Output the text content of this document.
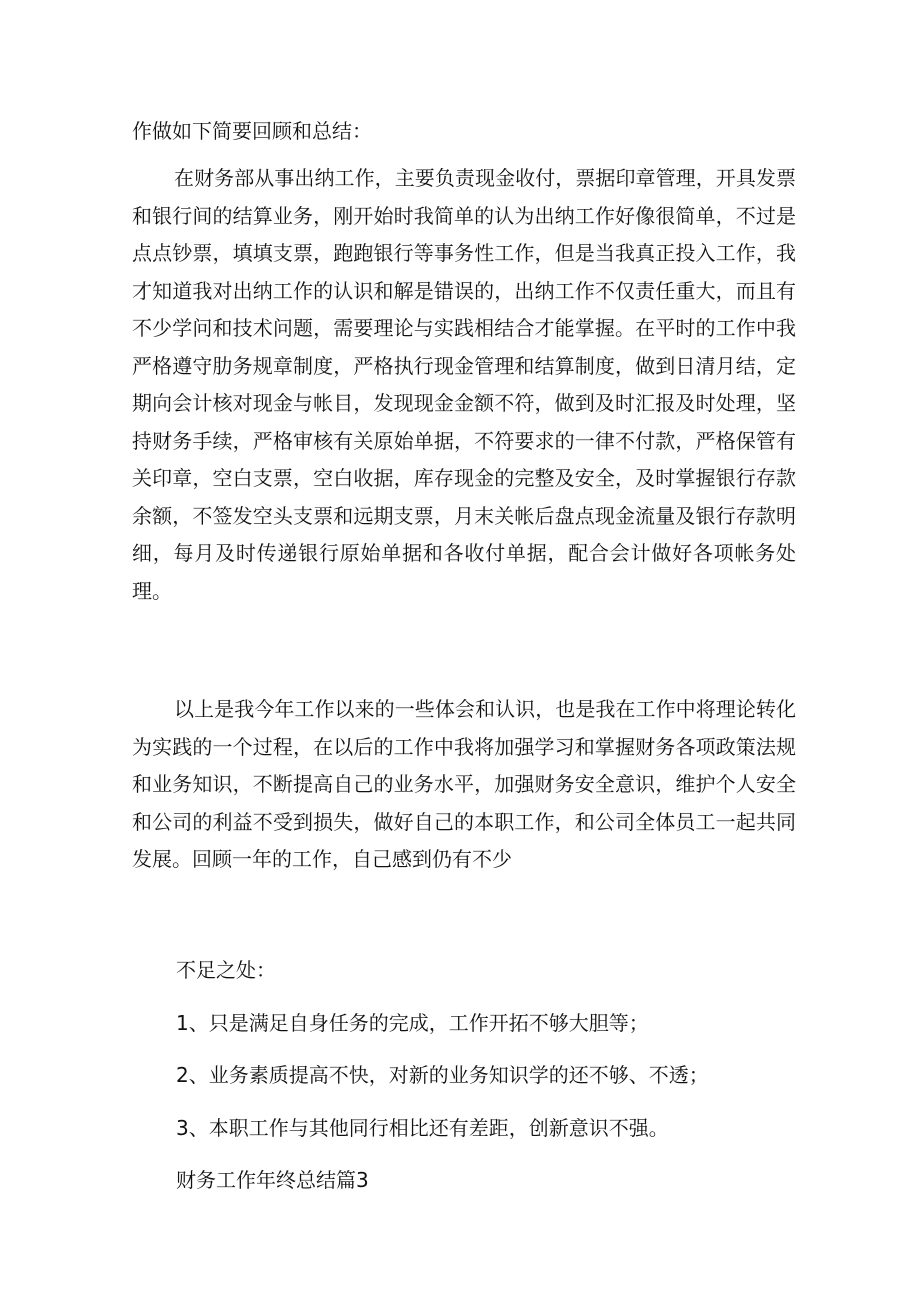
作做如下简要回顾和总结：

在财务部从事出纳工作，主要负责现金收付，票据印章管理，开具发票和银行间的结算业务，刚开始时我简单的认为出纳工作好像很简单，不过是点点钞票，填填支票，跑跑银行等事务性工作，但是当我真正投入工作，我才知道我对出纳工作的认识和解是错误的，出纳工作不仅责任重大，而且有不少学问和技术问题，需要理论与实践相结合才能掌握。在平时的工作中我严格遵守肋务规章制度，严格执行现金管理和结算制度，做到日清月结，定期向会计核对现金与帐目，发现现金金额不符，做到及时汇报及时处理，坚持财务手续，严格审核有关原始单据，不符要求的一律不付款，严格保管有关印章，空白支票，空白收据，库存现金的完整及安全，及时掌握银行存款余额，不签发空头支票和远期支票，月末关帐后盘点现金流量及银行存款明细，每月及时传递银行原始单据和各收付单据，配合会计做好各项帐务处理。

以上是我今年工作以来的一些体会和认识，也是我在工作中将理论转化为实践的一个过程，在以后的工作中我将加强学习和掌握财务各项政策法规和业务知识，不断提高自己的业务水平，加强财务安全意识，维护个人安全和公司的利益不受到损失，做好自己的本职工作，和公司全体员工一起共同发展。回顾一年的工作，自己感到仍有不少

不足之处：

1、只是满足自身任务的完成，工作开拓不够大胆等；

2、业务素质提高不快，对新的业务知识学的还不够、不透；

3、本职工作与其他同行相比还有差距，创新意识不强。

财务工作年终总结篇3
